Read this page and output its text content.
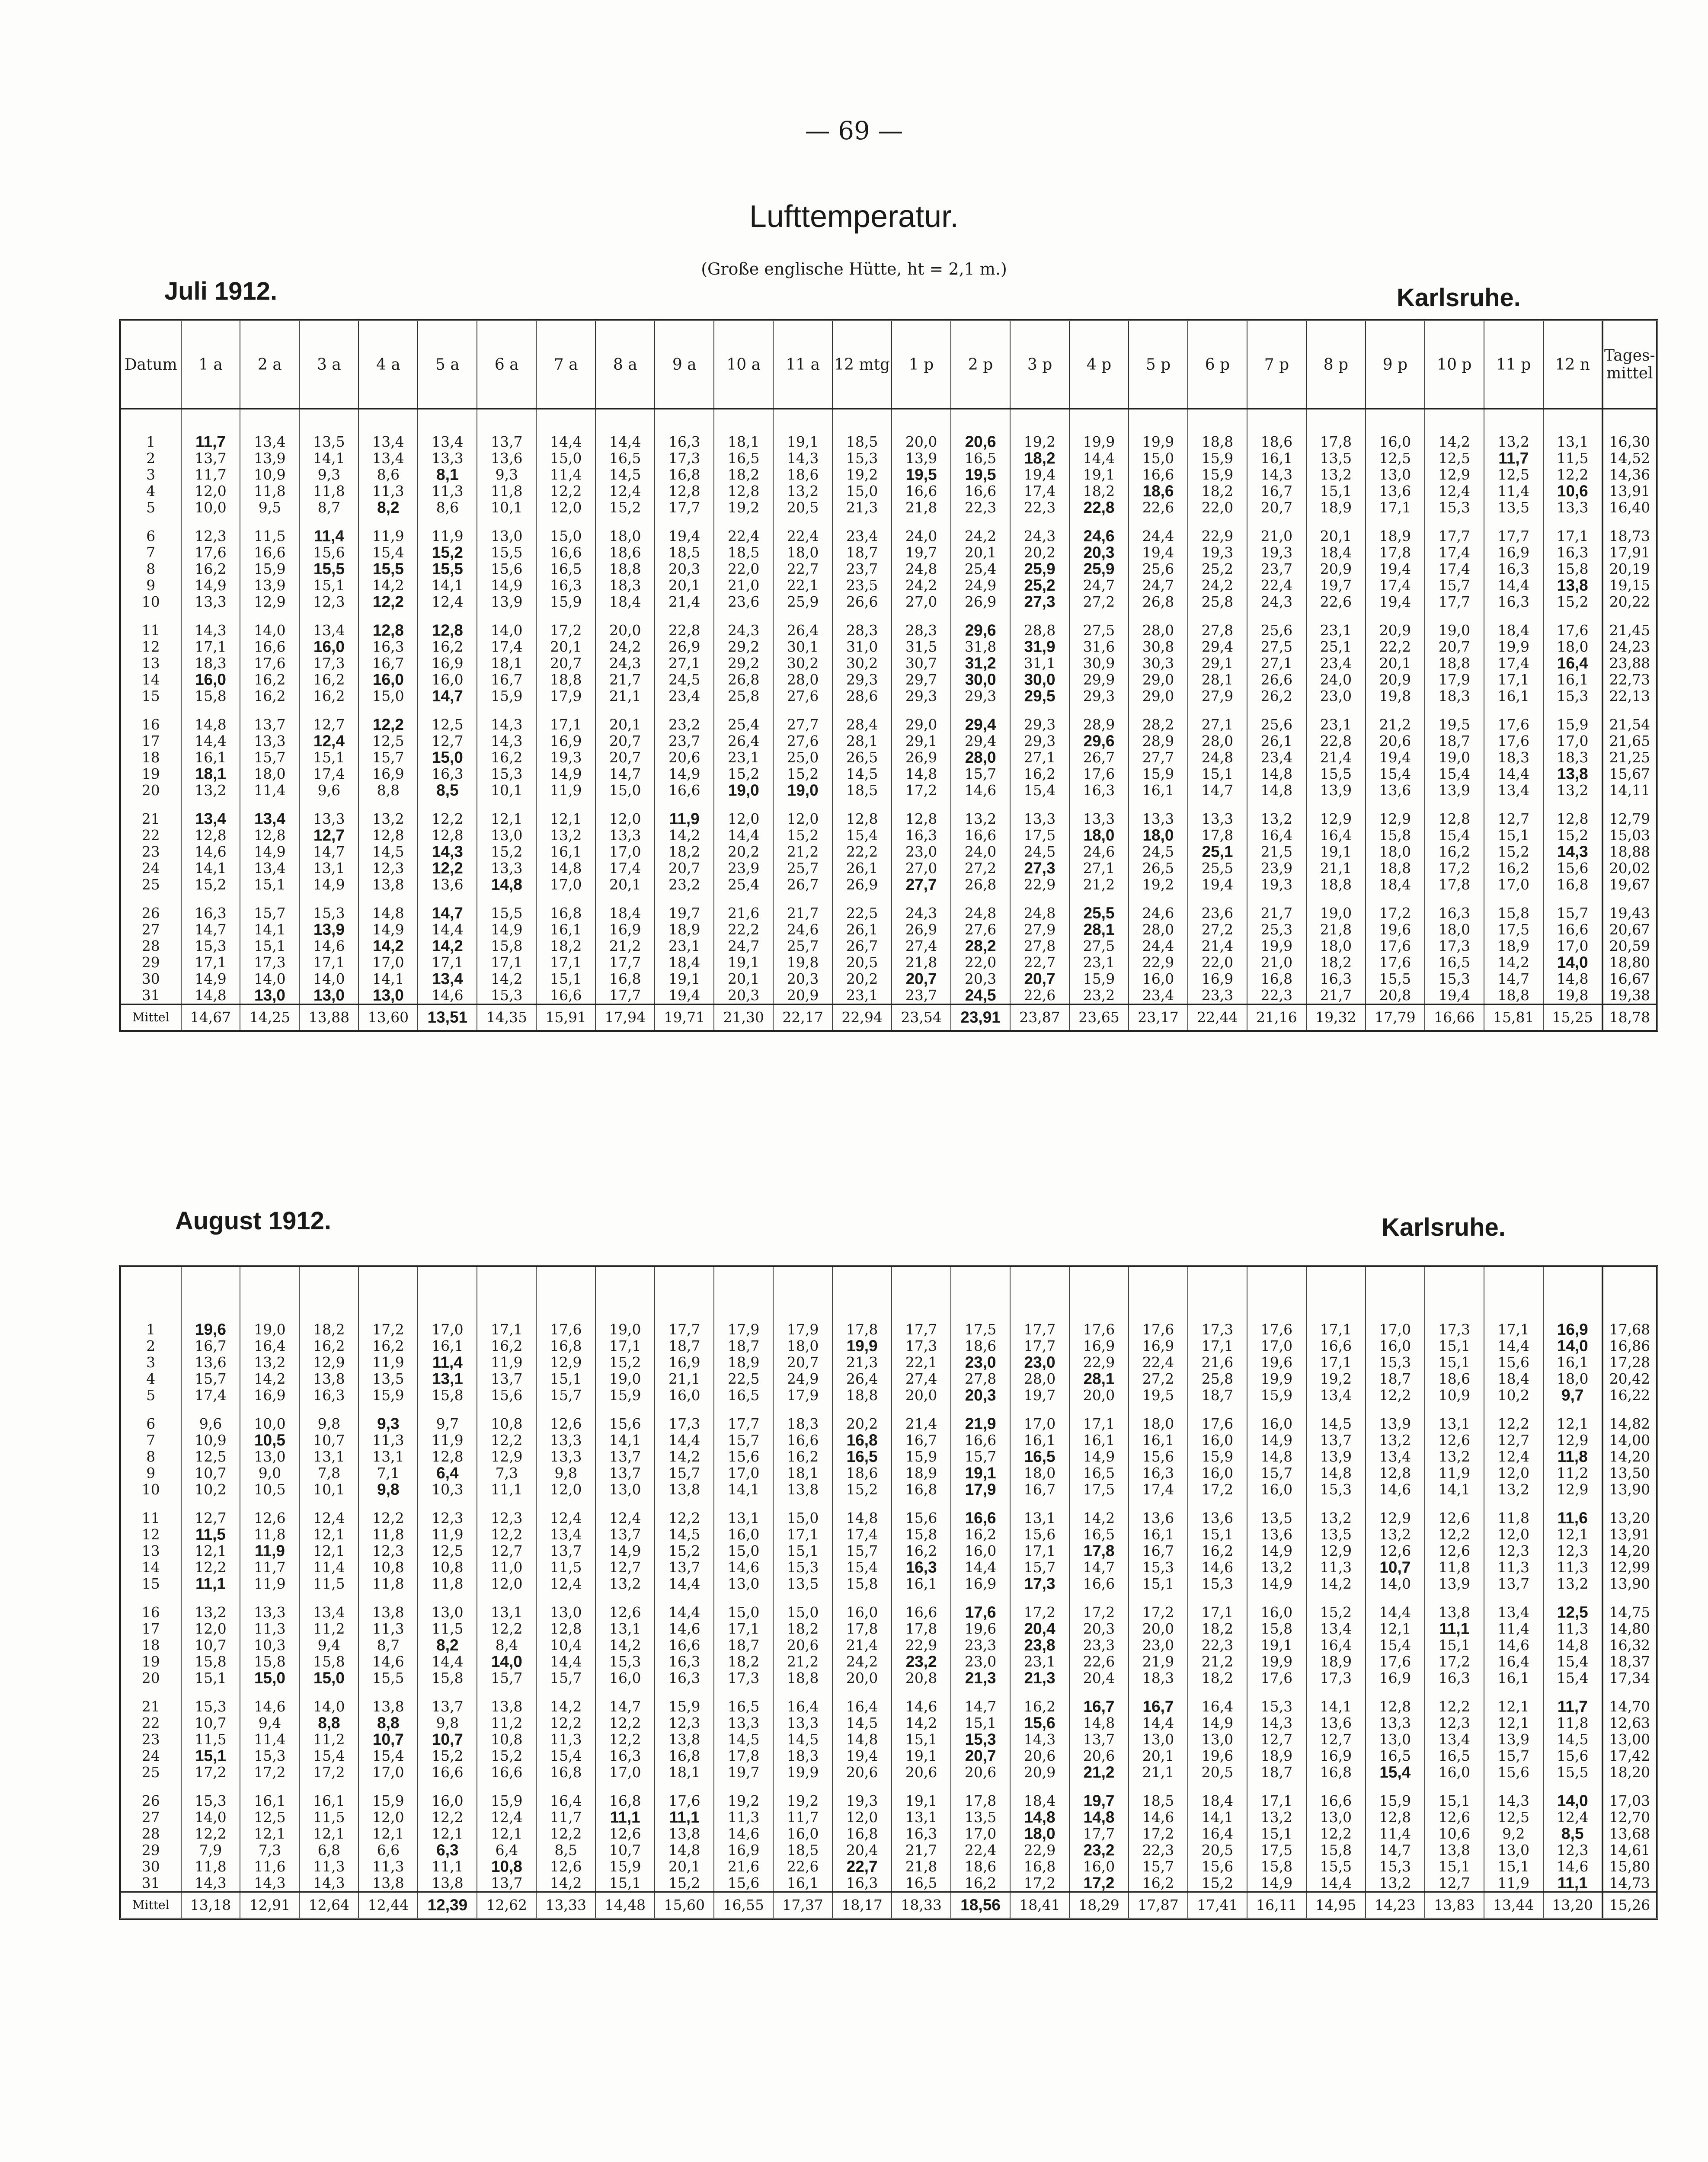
— 69 —
Lufttemperatur.
(Große englische Hütte, ht = 2,1 m.)
Juli 1912.	Karlsruhe.
Datum	1 a	2 a	3 a	4 a	5 a	6 a	7 a	8 a	9 a	10 a	11 a	12 mtg	1 p	2 p	3 p	4 p	5 p	6 p	7 p	8 p	9 p	10 p	11 p	12 n	Tages-mittel

1	11,7	13,4	13,5	13,4	13,4	13,7	14,4	14,4	16,3	18,1	19,1	18,5	20,0	20,6	19,2	19,9	19,9	18,8	18,6	17,8	16,0	14,2	13,2	13,1	16,30
2	13,7	13,9	14,1	13,4	13,3	13,6	15,0	16,5	17,3	16,5	14,3	15,3	13,9	16,5	18,2	14,4	15,0	15,9	16,1	13,5	12,5	12,5	11,7	11,5	14,52
3	11,7	10,9	9,3	8,6	8,1	9,3	11,4	14,5	16,8	18,2	18,6	19,2	19,5	19,5	19,4	19,1	16,6	15,9	14,3	13,2	13,0	12,9	12,5	12,2	14,36
4	12,0	11,8	11,8	11,3	11,3	11,8	12,2	12,4	12,8	12,8	13,2	15,0	16,6	16,6	17,4	18,2	18,6	18,2	16,7	15,1	13,6	12,4	11,4	10,6	13,91
5	10,0	9,5	8,7	8,2	8,6	10,1	12,0	15,2	17,7	19,2	20,5	21,3	21,8	22,3	22,3	22,8	22,6	22,0	20,7	18,9	17,1	15,3	13,5	13,3	16,40

6	12,3	11,5	11,4	11,9	11,9	13,0	15,0	18,0	19,4	22,4	22,4	23,4	24,0	24,2	24,3	24,6	24,4	22,9	21,0	20,1	18,9	17,7	17,7	17,1	18,73
7	17,6	16,6	15,6	15,4	15,2	15,5	16,6	18,6	18,5	18,5	18,0	18,7	19,7	20,1	20,2	20,3	19,4	19,3	19,3	18,4	17,8	17,4	16,9	16,3	17,91
8	16,2	15,9	15,5	15,5	15,5	15,6	16,5	18,8	20,3	22,0	22,7	23,7	24,8	25,4	25,9	25,9	25,6	25,2	23,7	20,9	19,4	17,4	16,3	15,8	20,19
9	14,9	13,9	15,1	14,2	14,1	14,9	16,3	18,3	20,1	21,0	22,1	23,5	24,2	24,9	25,2	24,7	24,7	24,2	22,4	19,7	17,4	15,7	14,4	13,8	19,15
10	13,3	12,9	12,3	12,2	12,4	13,9	15,9	18,4	21,4	23,6	25,9	26,6	27,0	26,9	27,3	27,2	26,8	25,8	24,3	22,6	19,4	17,7	16,3	15,2	20,22

11	14,3	14,0	13,4	12,8	12,8	14,0	17,2	20,0	22,8	24,3	26,4	28,3	28,3	29,6	28,8	27,5	28,0	27,8	25,6	23,1	20,9	19,0	18,4	17,6	21,45
12	17,1	16,6	16,0	16,3	16,2	17,4	20,1	24,2	26,9	29,2	30,1	31,0	31,5	31,8	31,9	31,6	30,8	29,4	27,5	25,1	22,2	20,7	19,9	18,0	24,23
13	18,3	17,6	17,3	16,7	16,9	18,1	20,7	24,3	27,1	29,2	30,2	30,2	30,7	31,2	31,1	30,9	30,3	29,1	27,1	23,4	20,1	18,8	17,4	16,4	23,88
14	16,0	16,2	16,2	16,0	16,0	16,7	18,8	21,7	24,5	26,8	28,0	29,3	29,7	30,0	30,0	29,9	29,0	28,1	26,6	24,0	20,9	17,9	17,1	16,1	22,73
15	15,8	16,2	16,2	15,0	14,7	15,9	17,9	21,1	23,4	25,8	27,6	28,6	29,3	29,3	29,5	29,3	29,0	27,9	26,2	23,0	19,8	18,3	16,1	15,3	22,13

16	14,8	13,7	12,7	12,2	12,5	14,3	17,1	20,1	23,2	25,4	27,7	28,4	29,0	29,4	29,3	28,9	28,2	27,1	25,6	23,1	21,2	19,5	17,6	15,9	21,54
17	14,4	13,3	12,4	12,5	12,7	14,3	16,9	20,7	23,7	26,4	27,6	28,1	29,1	29,4	29,3	29,6	28,9	28,0	26,1	22,8	20,6	18,7	17,6	17,0	21,65
18	16,1	15,7	15,1	15,7	15,0	16,2	19,3	20,7	20,6	23,1	25,0	26,5	26,9	28,0	27,1	26,7	27,7	24,8	23,4	21,4	19,4	19,0	18,3	18,3	21,25
19	18,1	18,0	17,4	16,9	16,3	15,3	14,9	14,7	14,9	15,2	15,2	14,5	14,8	15,7	16,2	17,6	15,9	15,1	14,8	15,5	15,4	15,4	14,4	13,8	15,67
20	13,2	11,4	9,6	8,8	8,5	10,1	11,9	15,0	16,6	19,0	19,0	18,5	17,2	14,6	15,4	16,3	16,1	14,7	14,8	13,9	13,6	13,9	13,4	13,2	14,11

21	13,4	13,4	13,3	13,2	12,2	12,1	12,1	12,0	11,9	12,0	12,0	12,8	12,8	13,2	13,3	13,3	13,3	13,3	13,2	12,9	12,9	12,8	12,7	12,8	12,79
22	12,8	12,8	12,7	12,8	12,8	13,0	13,2	13,3	14,2	14,4	15,2	15,4	16,3	16,6	17,5	18,0	18,0	17,8	16,4	16,4	15,8	15,4	15,1	15,2	15,03
23	14,6	14,9	14,7	14,5	14,3	15,2	16,1	17,0	18,2	20,2	21,2	22,2	23,0	24,0	24,5	24,6	24,5	25,1	21,5	19,1	18,0	16,2	15,2	14,3	18,88
24	14,1	13,4	13,1	12,3	12,2	13,3	14,8	17,4	20,7	23,9	25,7	26,1	27,0	27,2	27,3	27,1	26,5	25,5	23,9	21,1	18,8	17,2	16,2	15,6	20,02
25	15,2	15,1	14,9	13,8	13,6	14,8	17,0	20,1	23,2	25,4	26,7	26,9	27,7	26,8	22,9	21,2	19,2	19,4	19,3	18,8	18,4	17,8	17,0	16,8	19,67

26	16,3	15,7	15,3	14,8	14,7	15,5	16,8	18,4	19,7	21,6	21,7	22,5	24,3	24,8	24,8	25,5	24,6	23,6	21,7	19,0	17,2	16,3	15,8	15,7	19,43
27	14,7	14,1	13,9	14,9	14,4	14,9	16,1	16,9	18,9	22,2	24,6	26,1	26,9	27,6	27,9	28,1	28,0	27,2	25,3	21,8	19,6	18,0	17,5	16,6	20,67
28	15,3	15,1	14,6	14,2	14,2	15,8	18,2	21,2	23,1	24,7	25,7	26,7	27,4	28,2	27,8	27,5	24,4	21,4	19,9	18,0	17,6	17,3	18,9	17,0	20,59
29	17,1	17,3	17,1	17,0	17,1	17,1	17,1	17,7	18,4	19,1	19,8	20,5	21,8	22,0	22,7	23,1	22,9	22,0	21,0	18,2	17,6	16,5	14,2	14,0	18,80
30	14,9	14,0	14,0	14,1	13,4	14,2	15,1	16,8	19,1	20,1	20,3	20,2	20,7	20,3	20,7	15,9	16,0	16,9	16,8	16,3	15,5	15,3	14,7	14,8	16,67
31	14,8	13,0	13,0	13,0	14,6	15,3	16,6	17,7	19,4	20,3	20,9	23,1	23,7	24,5	22,6	23,2	23,4	23,3	22,3	21,7	20,8	19,4	18,8	19,8	19,38
Mittel	14,67	14,25	13,88	13,60	13,51	14,35	15,91	17,94	19,71	21,30	22,17	22,94	23,54	23,91	23,87	23,65	23,17	22,44	21,16	19,32	17,79	16,66	15,81	15,25	18,78
August 1912.	Karlsruhe.

1	19,6	19,0	18,2	17,2	17,0	17,1	17,6	19,0	17,7	17,9	17,9	17,8	17,7	17,5	17,7	17,6	17,6	17,3	17,6	17,1	17,0	17,3	17,1	16,9	17,68
2	16,7	16,4	16,2	16,2	16,1	16,2	16,8	17,1	18,7	18,7	18,0	19,9	17,3	18,6	17,7	16,9	16,9	17,1	17,0	16,6	16,0	15,1	14,4	14,0	16,86
3	13,6	13,2	12,9	11,9	11,4	11,9	12,9	15,2	16,9	18,9	20,7	21,3	22,1	23,0	23,0	22,9	22,4	21,6	19,6	17,1	15,3	15,1	15,6	16,1	17,28
4	15,7	14,2	13,8	13,5	13,1	13,7	15,1	19,0	21,1	22,5	24,9	26,4	27,4	27,8	28,0	28,1	27,2	25,8	19,9	19,2	18,7	18,6	18,4	18,0	20,42
5	17,4	16,9	16,3	15,9	15,8	15,6	15,7	15,9	16,0	16,5	17,9	18,8	20,0	20,3	19,7	20,0	19,5	18,7	15,9	13,4	12,2	10,9	10,2	9,7	16,22

6	9,6	10,0	9,8	9,3	9,7	10,8	12,6	15,6	17,3	17,7	18,3	20,2	21,4	21,9	17,0	17,1	18,0	17,6	16,0	14,5	13,9	13,1	12,2	12,1	14,82
7	10,9	10,5	10,7	11,3	11,9	12,2	13,3	14,1	14,4	15,7	16,6	16,8	16,7	16,6	16,1	16,1	16,1	16,0	14,9	13,7	13,2	12,6	12,7	12,9	14,00
8	12,5	13,0	13,1	13,1	12,8	12,9	13,3	13,7	14,2	15,6	16,2	16,5	15,9	15,7	16,5	14,9	15,6	15,9	14,8	13,9	13,4	13,2	12,4	11,8	14,20
9	10,7	9,0	7,8	7,1	6,4	7,3	9,8	13,7	15,7	17,0	18,1	18,6	18,9	19,1	18,0	16,5	16,3	16,0	15,7	14,8	12,8	11,9	12,0	11,2	13,50
10	10,2	10,5	10,1	9,8	10,3	11,1	12,0	13,0	13,8	14,1	13,8	15,2	16,8	17,9	16,7	17,5	17,4	17,2	16,0	15,3	14,6	14,1	13,2	12,9	13,90

11	12,7	12,6	12,4	12,2	12,3	12,3	12,4	12,4	12,2	13,1	15,0	14,8	15,6	16,6	13,1	14,2	13,6	13,6	13,5	13,2	12,9	12,6	11,8	11,6	13,20
12	11,5	11,8	12,1	11,8	11,9	12,2	13,4	13,7	14,5	16,0	17,1	17,4	15,8	16,2	15,6	16,5	16,1	15,1	13,6	13,5	13,2	12,2	12,0	12,1	13,91
13	12,1	11,9	12,1	12,3	12,5	12,7	13,7	14,9	15,2	15,0	15,1	15,7	16,2	16,0	17,1	17,8	16,7	16,2	14,9	12,9	12,6	12,6	12,3	12,3	14,20
14	12,2	11,7	11,4	10,8	10,8	11,0	11,5	12,7	13,7	14,6	15,3	15,4	16,3	14,4	15,7	14,7	15,3	14,6	13,2	11,3	10,7	11,8	11,3	11,3	12,99
15	11,1	11,9	11,5	11,8	11,8	12,0	12,4	13,2	14,4	13,0	13,5	15,8	16,1	16,9	17,3	16,6	15,1	15,3	14,9	14,2	14,0	13,9	13,7	13,2	13,90

16	13,2	13,3	13,4	13,8	13,0	13,1	13,0	12,6	14,4	15,0	15,0	16,0	16,6	17,6	17,2	17,2	17,2	17,1	16,0	15,2	14,4	13,8	13,4	12,5	14,75
17	12,0	11,3	11,2	11,3	11,5	12,2	12,8	13,1	14,6	17,1	18,2	17,8	17,8	19,6	20,4	20,3	20,0	18,2	15,8	13,4	12,1	11,1	11,4	11,3	14,80
18	10,7	10,3	9,4	8,7	8,2	8,4	10,4	14,2	16,6	18,7	20,6	21,4	22,9	23,3	23,8	23,3	23,0	22,3	19,1	16,4	15,4	15,1	14,6	14,8	16,32
19	15,8	15,8	15,8	14,6	14,4	14,0	14,4	15,3	16,3	18,2	21,2	24,2	23,2	23,0	23,1	22,6	21,9	21,2	19,9	18,9	17,6	17,2	16,4	15,4	18,37
20	15,1	15,0	15,0	15,5	15,8	15,7	15,7	16,0	16,3	17,3	18,8	20,0	20,8	21,3	21,3	20,4	18,3	18,2	17,6	17,3	16,9	16,3	16,1	15,4	17,34

21	15,3	14,6	14,0	13,8	13,7	13,8	14,2	14,7	15,9	16,5	16,4	16,4	14,6	14,7	16,2	16,7	16,7	16,4	15,3	14,1	12,8	12,2	12,1	11,7	14,70
22	10,7	9,4	8,8	8,8	9,8	11,2	12,2	12,2	12,3	13,3	13,3	14,5	14,2	15,1	15,6	14,8	14,4	14,9	14,3	13,6	13,3	12,3	12,1	11,8	12,63
23	11,5	11,4	11,2	10,7	10,7	10,8	11,3	12,2	13,8	14,5	14,5	14,8	15,1	15,3	14,3	13,7	13,0	13,0	12,7	12,7	13,0	13,4	13,9	14,5	13,00
24	15,1	15,3	15,4	15,4	15,2	15,2	15,4	16,3	16,8	17,8	18,3	19,4	19,1	20,7	20,6	20,6	20,1	19,6	18,9	16,9	16,5	16,5	15,7	15,6	17,42
25	17,2	17,2	17,2	17,0	16,6	16,6	16,8	17,0	18,1	19,7	19,9	20,6	20,6	20,6	20,9	21,2	21,1	20,5	18,7	16,8	15,4	16,0	15,6	15,5	18,20

26	15,3	16,1	16,1	15,9	16,0	15,9	16,4	16,8	17,6	19,2	19,2	19,3	19,1	17,8	18,4	19,7	18,5	18,4	17,1	16,6	15,9	15,1	14,3	14,0	17,03
27	14,0	12,5	11,5	12,0	12,2	12,4	11,7	11,1	11,1	11,3	11,7	12,0	13,1	13,5	14,8	14,8	14,6	14,1	13,2	13,0	12,8	12,6	12,5	12,4	12,70
28	12,2	12,1	12,1	12,1	12,1	12,1	12,2	12,6	13,8	14,6	16,0	16,8	16,3	17,0	18,0	17,7	17,2	16,4	15,1	12,2	11,4	10,6	9,2	8,5	13,68
29	7,9	7,3	6,8	6,6	6,3	6,4	8,5	10,7	14,8	16,9	18,5	20,4	21,7	22,4	22,9	23,2	22,3	20,5	17,5	15,8	14,7	13,8	13,0	12,3	14,61
30	11,8	11,6	11,3	11,3	11,1	10,8	12,6	15,9	20,1	21,6	22,6	22,7	21,8	18,6	16,8	16,0	15,7	15,6	15,8	15,5	15,3	15,1	15,1	14,6	15,80
31	14,3	14,3	14,3	13,8	13,8	13,7	14,2	15,1	15,2	15,6	16,1	16,3	16,5	16,2	17,2	17,2	16,2	15,2	14,9	14,4	13,2	12,7	11,9	11,1	14,73
Mittel	13,18	12,91	12,64	12,44	12,39	12,62	13,33	14,48	15,60	16,55	17,37	18,17	18,33	18,56	18,41	18,29	17,87	17,41	16,11	14,95	14,23	13,83	13,44	13,20	15,26
